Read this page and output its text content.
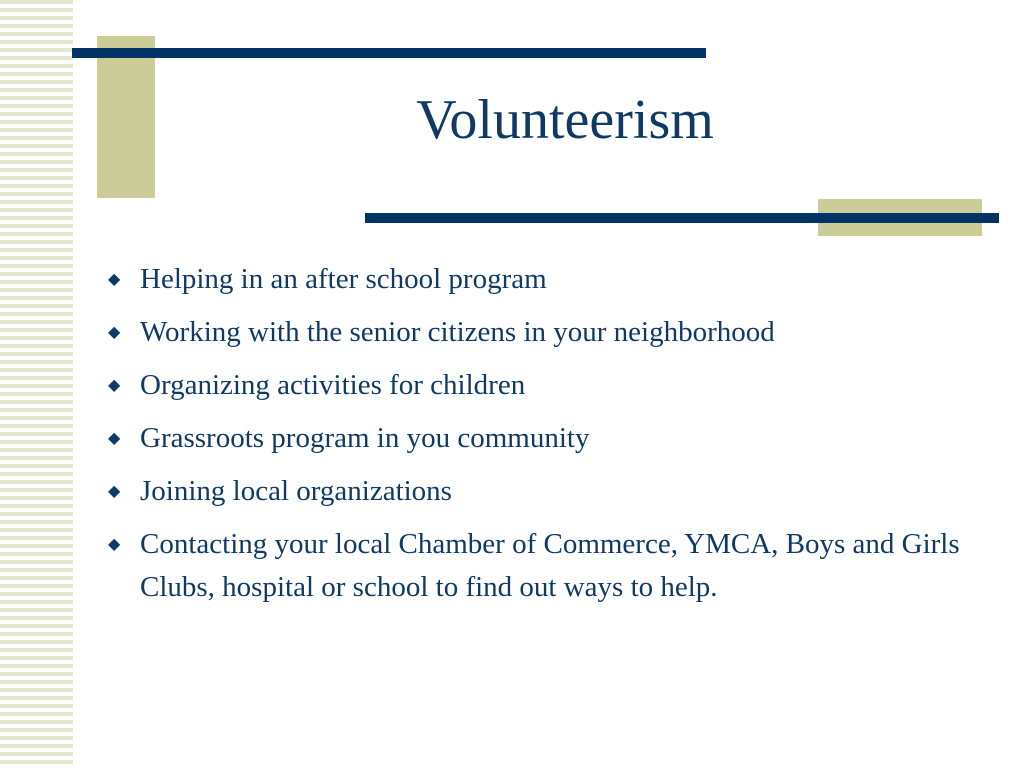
Volunteerism
◆ Helping in an after school program
◆ Working with the senior citizens in your neighborhood
◆ Organizing activities for children
◆ Grassroots program in you community
◆ Joining local organizations
◆ Contacting your local Chamber of Commerce, YMCA, Boys and Girls Clubs, hospital or school to find out ways to help.
